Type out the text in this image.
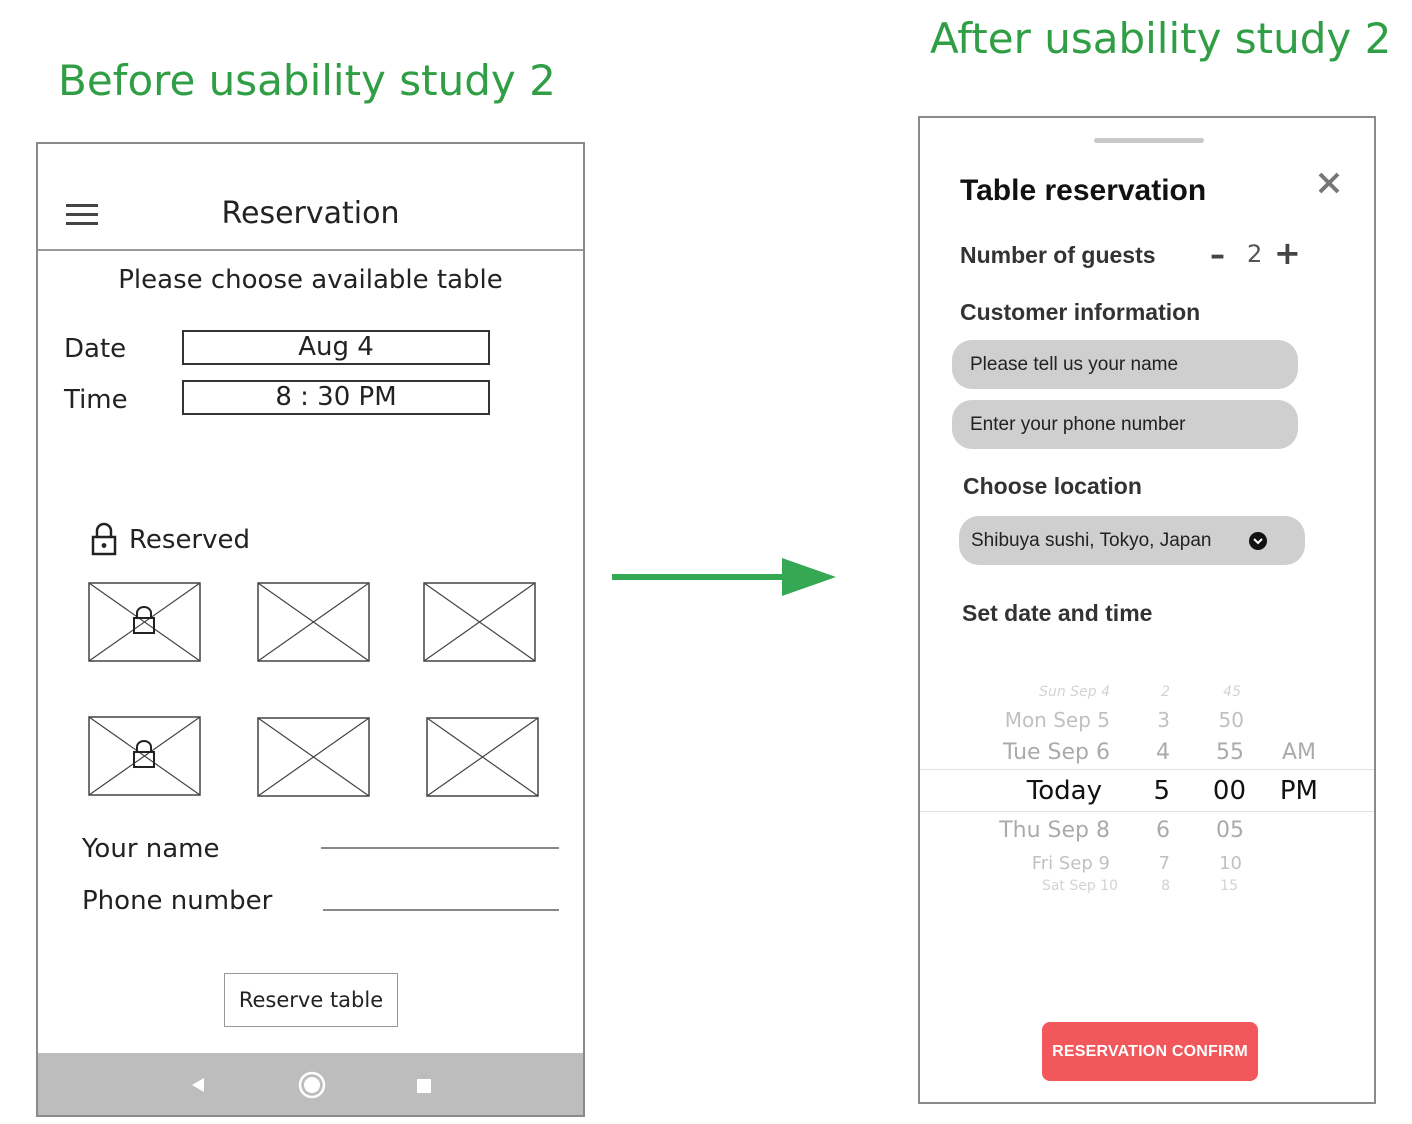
Before usability study 2
After usability study 2
Reservation
Please choose available table
Date	Aug 4
Time	8 : 30 PM
Reserved
Your name
Phone number
Reserve table
Table reservation
Number of guests – 2 +
Customer information
Please tell us your name
Enter your phone number
Choose location
Shibuya sushi, Tokyo, Japan
Set date and time
Sun Sep 4	2	45
Mon Sep 5 3 50
Tue Sep 6 4 55 AM
Today 5 00 PM
Thu Sep 8 6 05
Fri Sep 9	7	10
Sat Sep 10	8	15
RESERVATION CONFIRM
